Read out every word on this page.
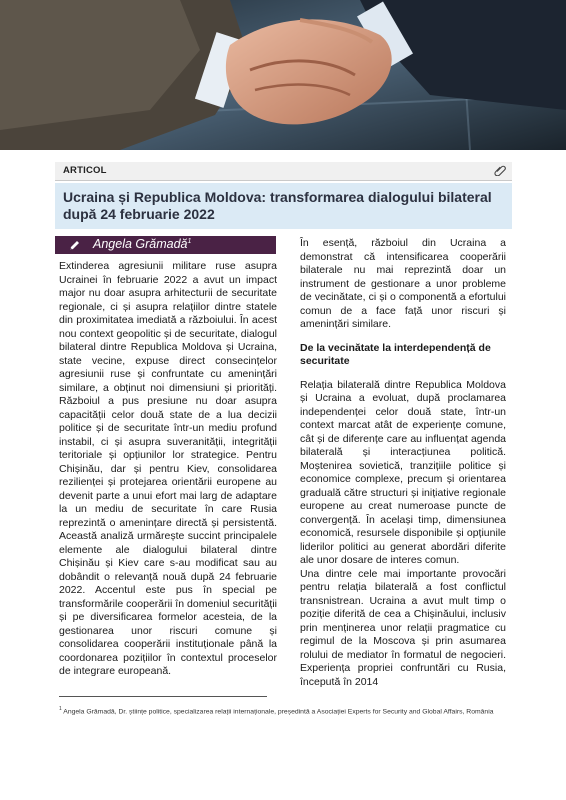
ARTICOL
Ucraina și Republica Moldova: transformarea dialogului bilateral după 24 februarie 2022
Angela Grămadă$^1$

Extinderea agresiunii militare ruse asupra Ucrainei în februarie 2022 a avut un impact major nu doar asupra arhitecturii de securitate regionale, ci și asupra relațiilor dintre statele din proximitatea imediată a războiului. În acest nou context geopolitic și de securitate, dialogul bilateral dintre Republica Moldova și Ucraina, state vecine, expuse direct consecințelor agresiunii ruse și confruntate cu amenințări similare, a obținut noi dimensiuni și priorități. Războiul a pus presiune nu doar asupra capacității celor două state de a lua decizii politice și de securitate într-un mediu profund instabil, ci și asupra suveranității, integrității teritoriale și opțiunilor lor strategice. Pentru Chișinău, dar și pentru Kiev, consolidarea rezilienței și protejarea orientării europene au devenit parte a unui efort mai larg de adaptare la un mediu de securitate în care Rusia reprezintă o amenințare directă și persistentă. Această analiză urmărește succint principalele elemente ale dialogului bilateral dintre Chișinău și Kiev care s-au modificat sau au dobândit o relevanță nouă după 24 februarie 2022. Accentul este pus în special pe transformările cooperării în domeniul securității și pe diversificarea formelor acesteia, de la gestionarea unor riscuri comune și consolidarea cooperării instituționale până la coordonarea pozițiilor în contextul proceselor de integrare europeană.

În esență, războiul din Ucraina a demonstrat că intensificarea cooperării bilaterale nu mai reprezintă doar un instrument de gestionare a unor probleme de vecinătate, ci și o componentă a efortului comun de a face față unor riscuri și amenințări similare.

De la vecinătate la interdependență de securitate

Relația bilaterală dintre Republica Moldova și Ucraina a evoluat, după proclamarea independenței celor două state, într-un context marcat atât de experiențe comune, cât și de diferențe care au influențat agenda bilaterală și interacțiunea politică. Moștenirea sovietică, tranzițiile politice și economice complexe, precum și orientarea graduală către structuri și inițiative regionale europene au creat numeroase puncte de convergență. În același timp, dimensiunea economică, resursele disponibile și opțiunile liderilor politici au generat abordări diferite ale unor dosare de interes comun.

Una dintre cele mai importante provocări pentru relația bilaterală a fost conflictul transnistrean. Ucraina a avut mult timp o poziție diferită de cea a Chișinăului, inclusiv prin menținerea unor relații pragmatice cu regimul de la Moscova și prin asumarea rolului de mediator în formatul de negocieri. Experiența propriei confruntări cu Rusia, începută în 2014

$^1$ Angela Grămadă, Dr. științe politice, specializarea relații internaționale, președintă a Asociației Experts for Security and Global Affairs, România
